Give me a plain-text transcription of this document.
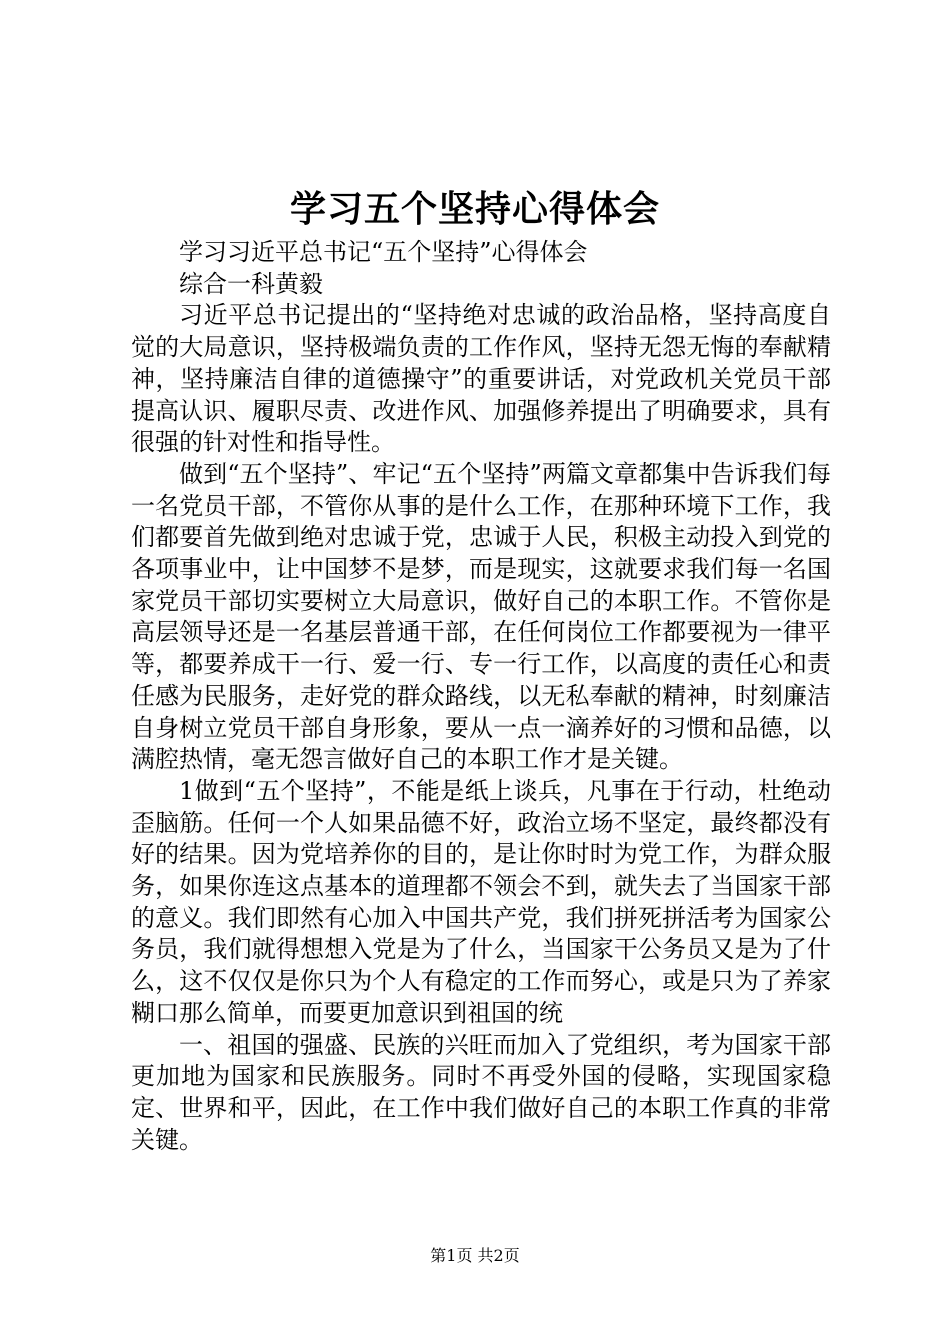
学习五个坚持心得体会

学习习近平总书记“五个坚持”心得体会

综合一科黄毅

习近平总书记提出的“坚持绝对忠诚的政治品格，坚持高度自觉的大局意识，坚持极端负责的工作作风，坚持无怨无悔的奉献精神，坚持廉洁自律的道德操守”的重要讲话，对党政机关党员干部提高认识、履职尽责、改进作风、加强修养提出了明确要求，具有很强的针对性和指导性。

做到“五个坚持”、牢记“五个坚持”两篇文章都集中告诉我们每一名党员干部，不管你从事的是什么工作，在那种环境下工作，我们都要首先做到绝对忠诚于党，忠诚于人民，积极主动投入到党的各项事业中，让中国梦不是梦，而是现实，这就要求我们每一名国家党员干部切实要树立大局意识，做好自己的本职工作。不管你是高层领导还是一名基层普通干部，在任何岗位工作都要视为一律平等，都要养成干一行、爱一行、专一行工作，以高度的责任心和责任感为民服务，走好党的群众路线，以无私奉献的精神，时刻廉洁自身树立党员干部自身形象，要从一点一滴养好的习惯和品德，以满腔热情，毫无怨言做好自己的本职工作才是关键。

1做到“五个坚持”，不能是纸上谈兵，凡事在于行动，杜绝动歪脑筋。任何一个人如果品德不好，政治立场不坚定，最终都没有好的结果。因为党培养你的目的，是让你时时为党工作，为群众服务，如果你连这点基本的道理都不领会不到，就失去了当国家干部的意义。我们即然有心加入中国共产党，我们拼死拼活考为国家公务员，我们就得想想入党是为了什么，当国家干公务员又是为了什么，这不仅仅是你只为个人有稳定的工作而努心，或是只为了养家糊口那么简单，而要更加意识到祖国的统

一、祖国的强盛、民族的兴旺而加入了党组织，考为国家干部更加地为国家和民族服务。同时不再受外国的侵略，实现国家稳定、世界和平，因此，在工作中我们做好自己的本职工作真的非常关键。

第1页 共2页
